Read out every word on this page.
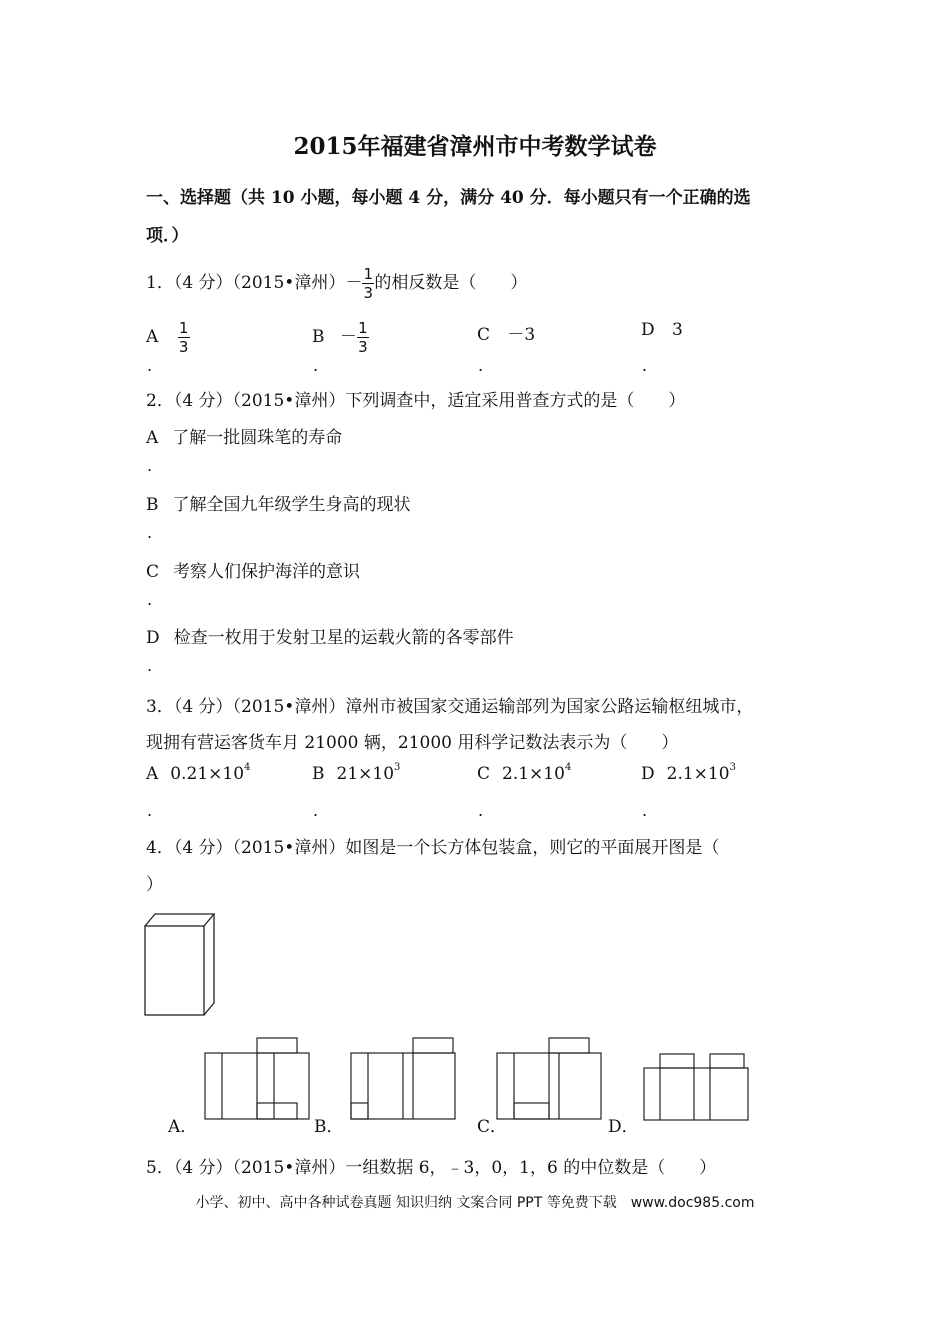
2015年福建省漳州市中考数学试卷
一、选择题（共 10 小题，每小题 4 分，满分 40 分．每小题只有一个正确的选
项．）
1．（4 分）（2015•漳州）－ $\frac{1}{3}$ 的相反数是（　　）
A $\frac{1}{3}$	$B - \frac{1}{3}$	C －3	D 3
.	.	.	.
2．（4 分）（2015•漳州）下列调查中，适宜采用普查方式的是（　　）
A 了解一批圆珠笔的寿命
.
B 了解全国九年级学生身高的现状
.
C 考察人们保护海洋的意识
.
D 检查一枚用于发射卫星的运载火箭的各零部件
.
3．（4 分）（2015•漳州）漳州市被国家交通运输部列为国家公路运输枢纽城市，
现拥有营运客货车月 21000 辆，21000 用科学记数法表示为（　　）
A $0.21\times 10^4$	B $21\times 10^3$	C $2.1\times 10^4$	D $2.1\times 10^3$
.	.	.	.
4．（4 分）（2015•漳州）如图是一个长方体包装盒，则它的平面展开图是（
）
A．	B．	C．	D．
5．（4 分）（2015•漳州）一组数据 6，﹣3，0，1，6 的中位数是（　　）
小学、初中、高中各种试卷真题 知识归纳 文案合同 PPT 等免费下载　www.doc985.com
